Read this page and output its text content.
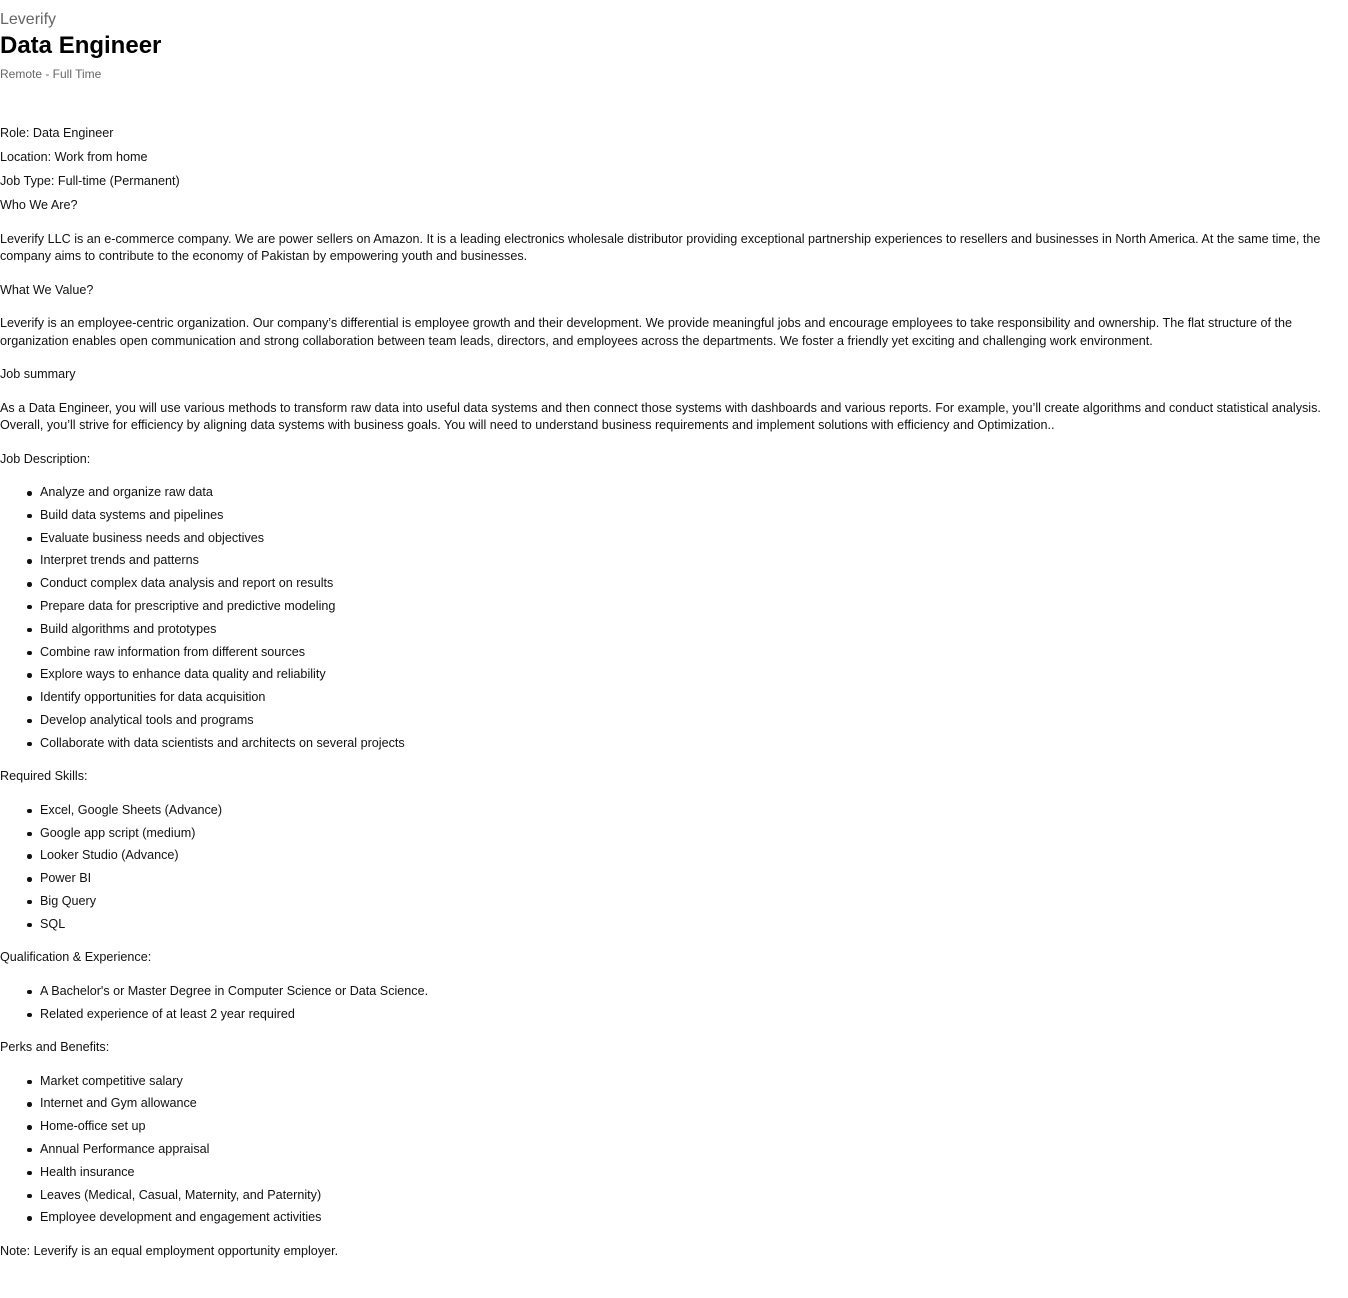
Leverify
Data Engineer
Remote - Full Time
Role: Data Engineer
Location: Work from home
Job Type: Full-time (Permanent)

Who We Are?

Leverify LLC is an e-commerce company. We are power sellers on Amazon. It is a leading electronics wholesale distributor providing exceptional partnership experiences to resellers and businesses in North America. At the same time, the company aims to contribute to the economy of Pakistan by empowering youth and businesses.

What We Value?

Leverify is an employee-centric organization. Our company’s differential is employee growth and their development. We provide meaningful jobs and encourage employees to take responsibility and ownership. The flat structure of the organization enables open communication and strong collaboration between team leads, directors, and employees across the departments. We foster a friendly yet exciting and challenging work environment.

Job summary

As a Data Engineer, you will use various methods to transform raw data into useful data systems and then connect those systems with dashboards and various reports. For example, you’ll create algorithms and conduct statistical analysis. Overall, you’ll strive for efficiency by aligning data systems with business goals. You will need to understand business requirements and implement solutions with efficiency and Optimization..

Job Description:

Analyze and organize raw data
Build data systems and pipelines
Evaluate business needs and objectives
Interpret trends and patterns
Conduct complex data analysis and report on results
Prepare data for prescriptive and predictive modeling
Build algorithms and prototypes
Combine raw information from different sources
Explore ways to enhance data quality and reliability
Identify opportunities for data acquisition
Develop analytical tools and programs
Collaborate with data scientists and architects on several projects

Required Skills:

Excel, Google Sheets (Advance)
Google app script (medium)
Looker Studio (Advance)
Power BI
Big Query
SQL

Qualification & Experience:

A Bachelor's or Master Degree in Computer Science or Data Science.
Related experience of at least 2 year required

Perks and Benefits:

Market competitive salary
Internet and Gym allowance
Home-office set up
Annual Performance appraisal
Health insurance
Leaves (Medical, Casual, Maternity, and Paternity)
Employee development and engagement activities

Note: Leverify is an equal employment opportunity employer.
